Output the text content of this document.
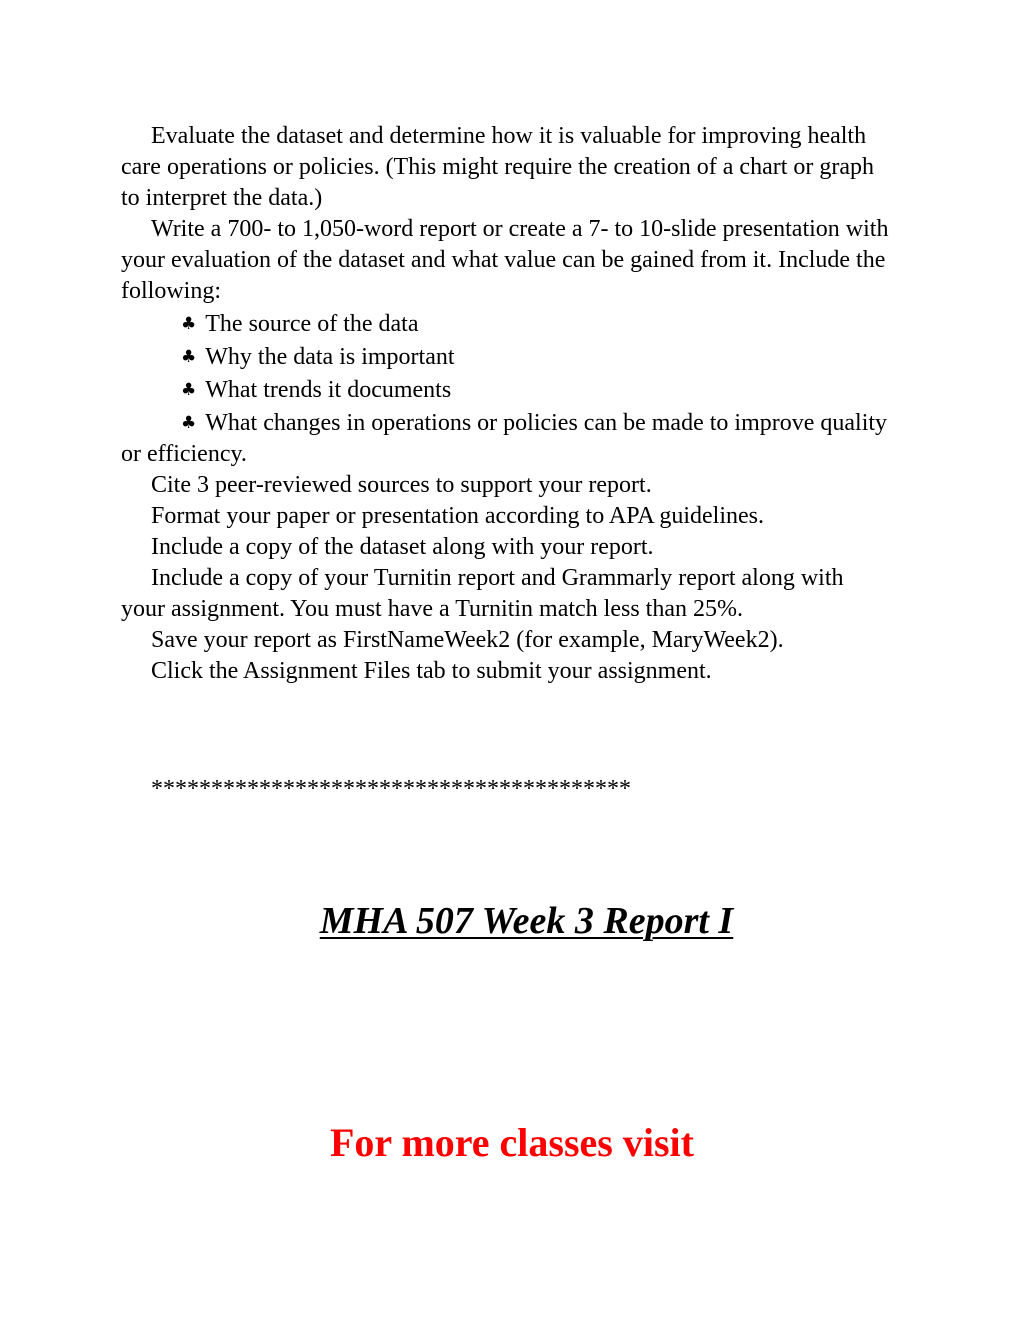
Evaluate the dataset and determine how it is valuable for improving health care operations or policies. (This might require the creation of a chart or graph to interpret the data.)

Write a 700- to 1,050-word report or create a 7- to 10-slide presentation with your evaluation of the dataset and what value can be gained from it. Include the following:

♣ The source of the data

♣ Why the data is important

♣ What trends it documents

♣ What changes in operations or policies can be made to improve quality or efficiency.

Cite 3 peer-reviewed sources to support your report.

Format your paper or presentation according to APA guidelines.

Include a copy of the dataset along with your report.

Include a copy of your Turnitin report and Grammarly report along with your assignment. You must have a Turnitin match less than 25%.

Save your report as FirstNameWeek2 (for example, MaryWeek2).

Click the Assignment Files tab to submit your assignment.

****************************************
MHA 507 Week 3 Report I
For more classes visit
